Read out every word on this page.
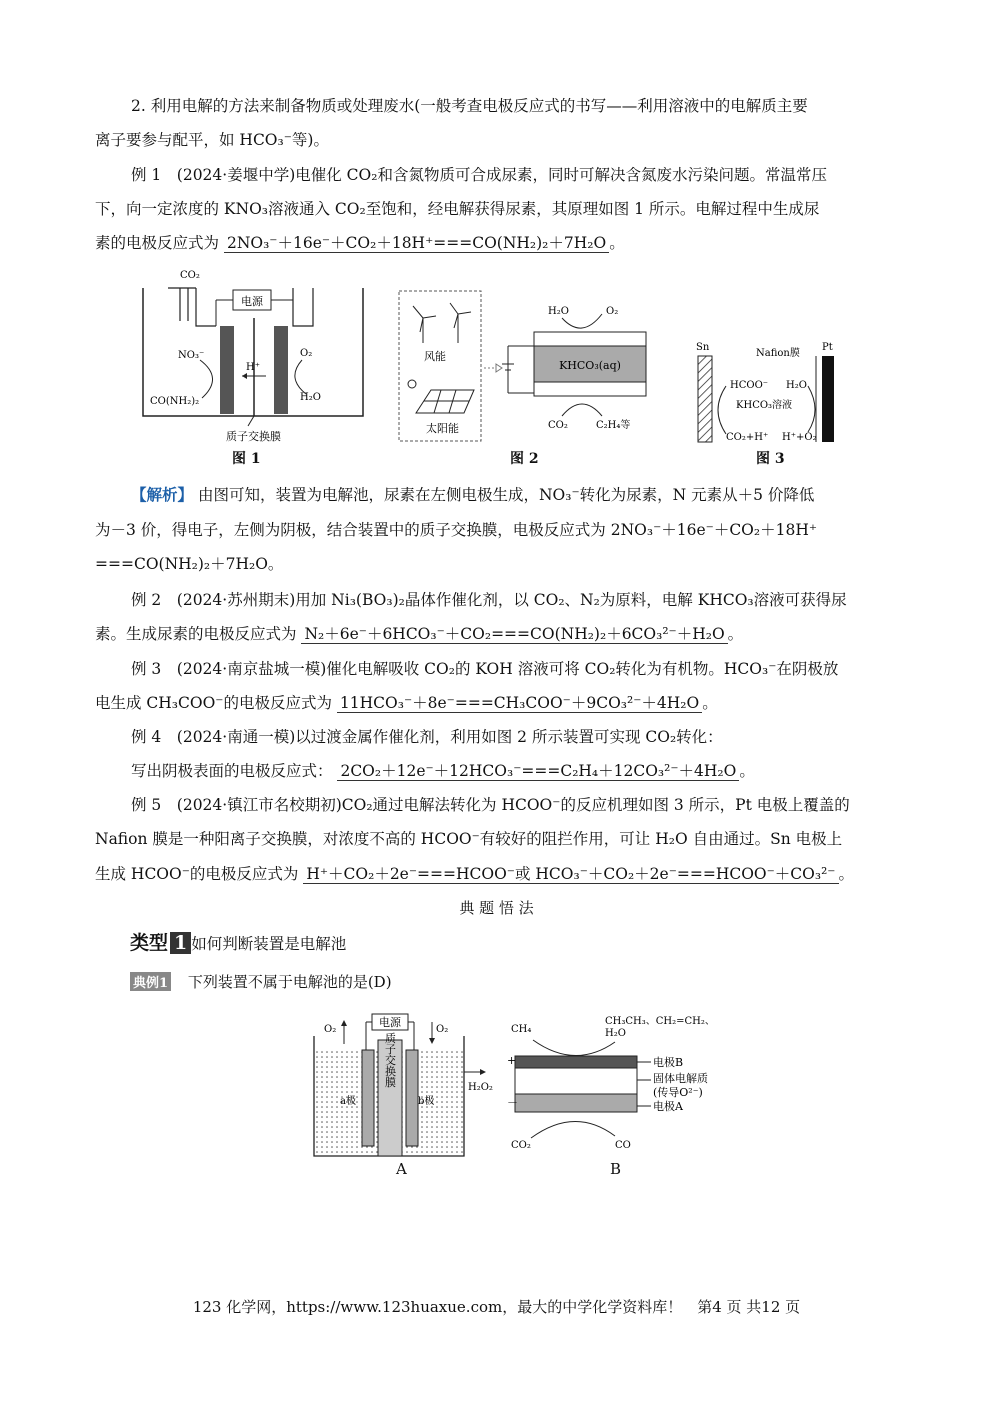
2. 利用电解的方法来制备物质或处理废水(一般考查电极反应式的书写——利用溶液中的电解质主要

离子要参与配平，如 HCO₃⁻等)。

例 1　(2024·姜堰中学)电催化 CO₂和含氮物质可合成尿素，同时可解决含氮废水污染问题。常温常压

下，向一定浓度的 KNO₃溶液通入 CO₂至饱和，经电解获得尿素，其原理如图 1 所示。电解过程中生成尿

素的电极反应式为 2NO₃⁻＋16e⁻＋CO₂＋18H⁺===CO(NH₂)₂＋7H₂O 。

电源
CO₂
NO₃⁻
H⁺
O₂
CO(NH₂)₂	H₂O
质子交换膜
图 1
风能
太阳能
KHCO₃(aq)
H₂O	O₂
CO₂	C₂H₄等
图 2
Sn
Nafion膜
Pt
HCOO⁻ H₂O
KHCO₃溶液
CO₂+H⁺ H⁺+O₂
图 3

【解析】 由图可知，装置为电解池，尿素在左侧电极生成，NO₃⁻转化为尿素，N 元素从＋5 价降低

为－3 价，得电子，左侧为阴极，结合装置中的质子交换膜，电极反应式为 2NO₃⁻＋16e⁻＋CO₂＋18H⁺

===CO(NH₂)₂＋7H₂O。

例 2　(2024·苏州期末)用加 Ni₃(BO₃)₂晶体作催化剂，以 CO₂、N₂为原料，电解 KHCO₃溶液可获得尿

素。生成尿素的电极反应式为 N₂＋6e⁻＋6HCO₃⁻＋CO₂===CO(NH₂)₂＋6CO₃²⁻＋H₂O 。

例 3　(2024·南京盐城一模)催化电解吸收 CO₂的 KOH 溶液可将 CO₂转化为有机物。HCO₃⁻在阴极放

电生成 CH₃COO⁻的电极反应式为 11HCO₃⁻＋8e⁻===CH₃COO⁻＋9CO₃²⁻＋4H₂O 。

例 4　(2024·南通一模)以过渡金属作催化剂，利用如图 2 所示装置可实现 CO₂转化：

写出阴极表面的电极反应式： 2CO₂＋12e⁻＋12HCO₃⁻===C₂H₄＋12CO₃²⁻＋4H₂O 。

例 5　(2024·镇江市名校期初)CO₂通过电解法转化为 HCOO⁻的反应机理如图 3 所示，Pt 电极上覆盖的

Nafion 膜是一种阳离子交换膜，对浓度不高的 HCOO⁻有较好的阻拦作用，可让 H₂O 自由通过。Sn 电极上

生成 HCOO⁻的电极反应式为 H⁺＋CO₂＋2e⁻===HCOO⁻或 HCO₃⁻＋CO₂＋2e⁻===HCOO⁻＋CO₃²⁻ 。

典 题 悟 法
类型 1 如何判断装置是电解池
典例1 下列装置不属于电解池的是(D)
电源
质子交换膜
O₂	O₂
H₂O₂
a极	b极
A
CH₄
CH₃CH₃、CH₂=CH₂、
H₂O
+
－
电极B
固体电解质
(传导O²⁻)
电极A
CO₂	CO
B
123 化学网，https://www.123huaxue.com，最大的中学化学资料库！　第4 页 共12 页
